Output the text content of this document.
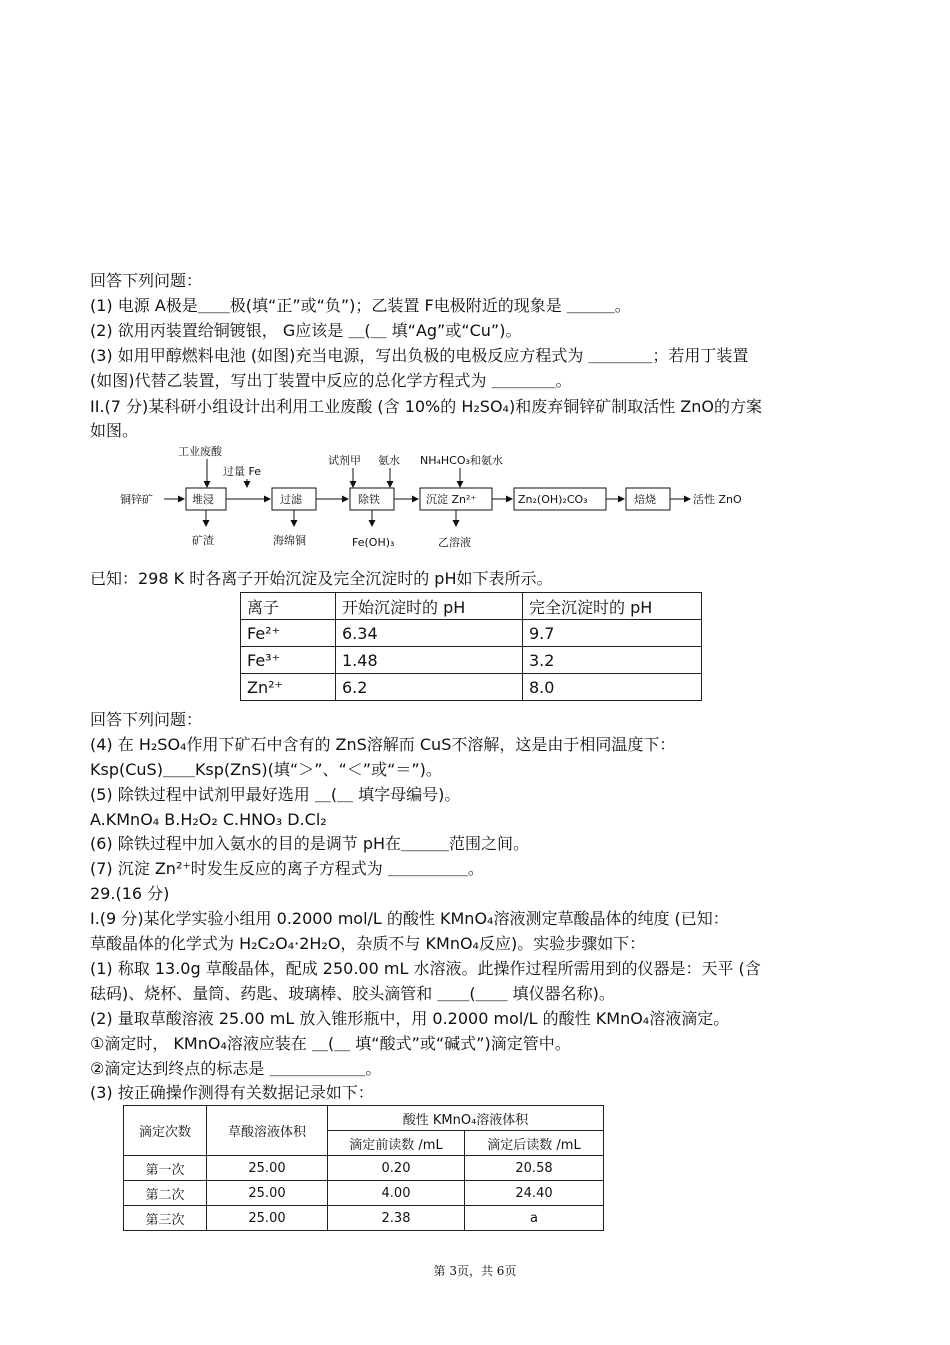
回答下列问题：
(1) 电源 A极是＿＿极(填“正”或“负”)；乙装置 F电极附近的现象是 ＿＿＿。
(2) 欲用丙装置给铜镀银， G应该是 ＿(＿ 填“Ag”或“Cu”)。
(3) 如用甲醇燃料电池 (如图)充当电源，写出负极的电极反应方程式为 ＿＿＿＿；若用丁装置
(如图)代替乙装置，写出丁装置中反应的总化学方程式为 ＿＿＿＿。
II.(7 分)某科研小组设计出利用工业废酸 (含 10%的 H₂SO₄)和废弃铜锌矿制取活性 ZnO的方案
如图。
工业废酸
过量 Fe
试剂甲 氨水 NH₄HCO₃和氨水
铜锌矿	堆浸	过滤	除铁	沉淀 Zn²⁺	Zn₂(OH)₂CO₃	焙烧	活性 ZnO
矿渣	海绵铜	Fe(OH)₃	乙溶液
已知：298 K 时各离子开始沉淀及完全沉淀时的 pH如下表所示。
离子	开始沉淀时的 pH	完全沉淀时的 pH
Fe²⁺	6.34	9.7
Fe³⁺	1.48	3.2
Zn²⁺	6.2	8.0
回答下列问题：
(4) 在 H₂SO₄作用下矿石中含有的 ZnS溶解而 CuS不溶解，这是由于相同温度下：
Ksp(CuS)＿＿Ksp(ZnS)(填“＞”、“＜”或“＝”)。
(5) 除铁过程中试剂甲最好选用 ＿(＿ 填字母编号)。
A.KMnO₄ B.H₂O₂ C.HNO₃ D.Cl₂
(6) 除铁过程中加入氨水的目的是调节 pH在＿＿＿范围之间。
(7) 沉淀 Zn²⁺时发生反应的离子方程式为 ＿＿＿＿＿。
29.(16 分)
I.(9 分)某化学实验小组用 0.2000 mol/L 的酸性 KMnO₄溶液测定草酸晶体的纯度 (已知：
草酸晶体的化学式为 H₂C₂O₄·2H₂O，杂质不与 KMnO₄反应)。实验步骤如下：
(1) 称取 13.0g 草酸晶体，配成 250.00 mL 水溶液。此操作过程所需用到的仪器是：天平 (含
砝码)、烧杯、量筒、药匙、玻璃棒、胶头滴管和 ＿＿(＿＿ 填仪器名称)。
(2) 量取草酸溶液 25.00 mL 放入锥形瓶中，用 0.2000 mol/L 的酸性 KMnO₄溶液滴定。
①滴定时， KMnO₄溶液应装在 ＿(＿ 填“酸式”或“碱式”)滴定管中。
②滴定达到终点的标志是 ＿＿＿＿＿＿。
(3) 按正确操作测得有关数据记录如下：
滴定次数	草酸溶液体积	酸性 KMnO₄溶液体积	
		滴定前读数 /mL	滴定后读数 /mL
第一次	25.00	0.20	20.58
第二次	25.00	4.00	24.40
第三次	25.00	2.38	a
第 3页，共 6页
